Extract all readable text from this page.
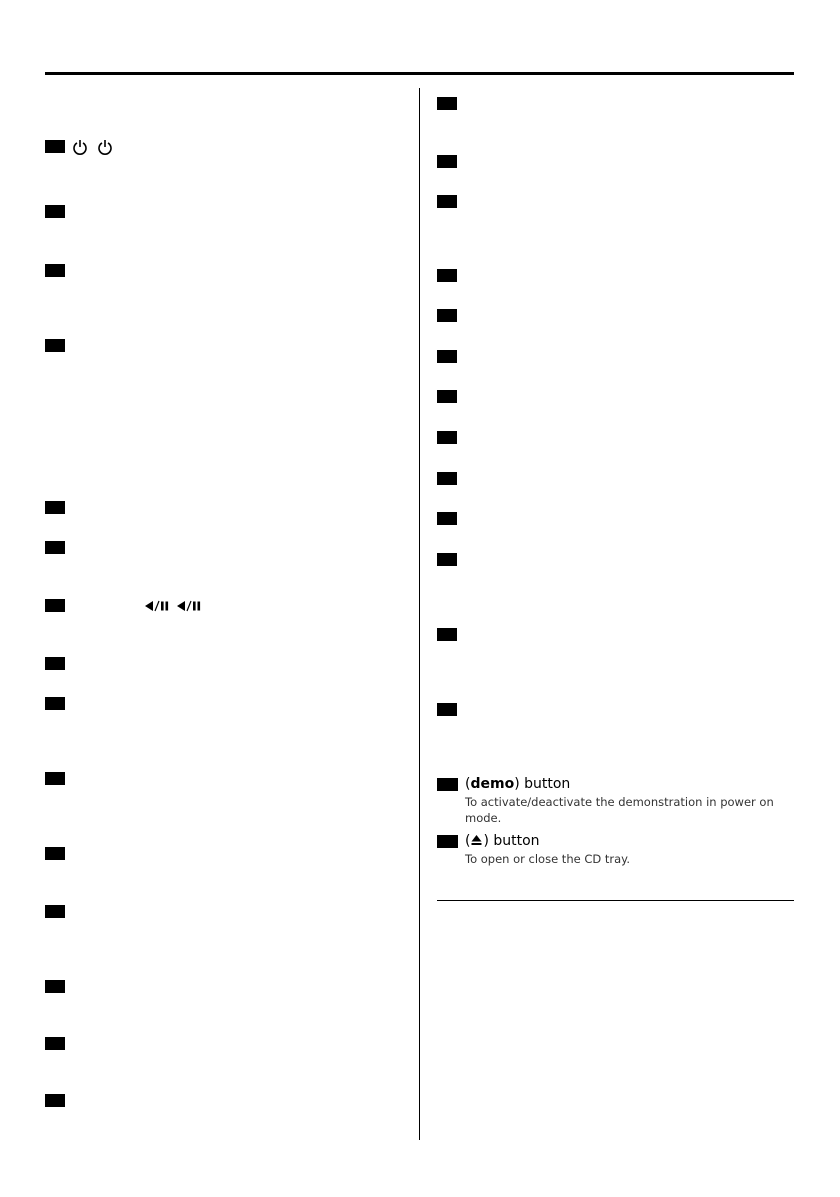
(demo) button
To activate/deactivate the demonstration in power on mode.
( ) button
To open or close the CD tray.
